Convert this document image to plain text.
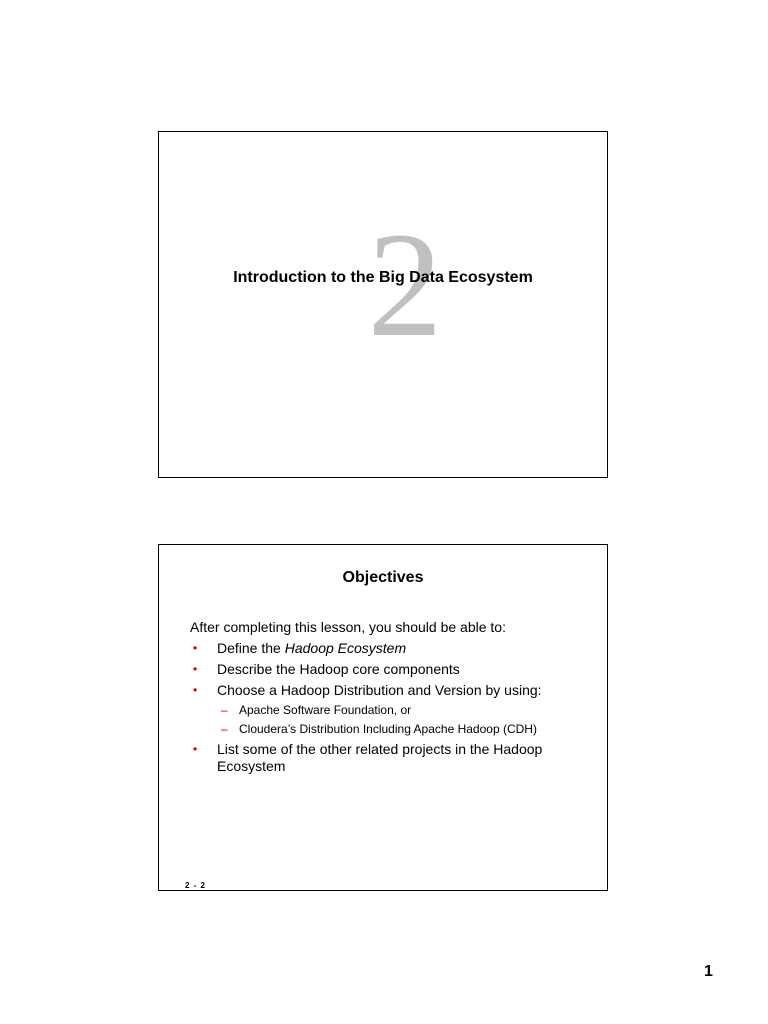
2
Introduction to the Big Data Ecosystem
Objectives
After completing this lesson, you should be able to:
• Define the Hadoop Ecosystem
• Describe the Hadoop core components
• Choose a Hadoop Distribution and Version by using:
– Apache Software Foundation, or
– Cloudera’s Distribution Including Apache Hadoop (CDH)
• List some of the other related projects in the Hadoop Ecosystem
2 - 2
1
